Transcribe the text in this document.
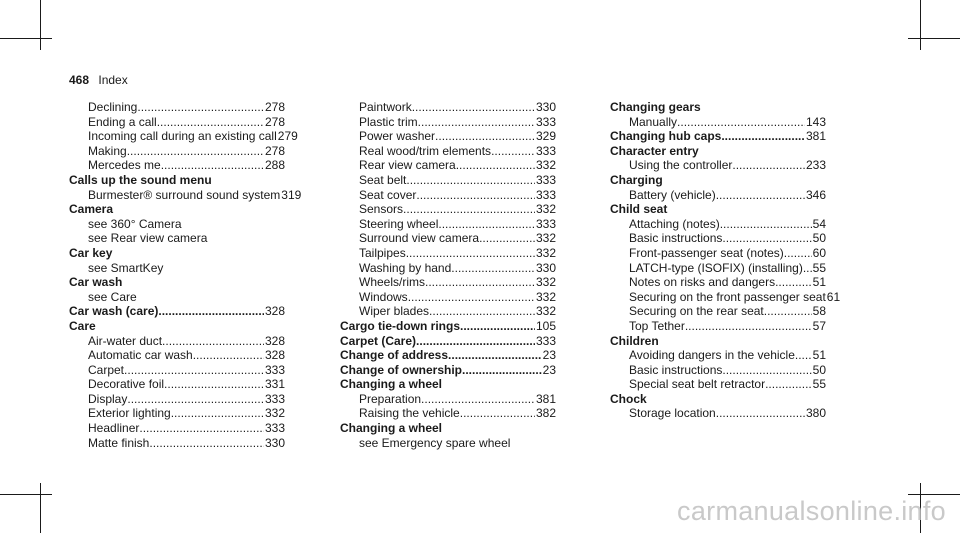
468 Index
Declining .....	278
Ending a call .....	278
Incoming call during an existing call 279
Making .....	278
Mercedes me .....	288
Calls up the sound menu
Burmester® surround sound system 319
Camera
see 360° Camera
see Rear view camera
Car key
see SmartKey
Car wash
see Care
Car wash (care) .....	328
Care
Air-water duct .....	328
Automatic car wash .....	328
Carpet .....	333
Decorative foil .....	331
Display .....	333
Exterior lighting .....	332
Headliner .....	333
Matte finish .....	330
Paintwork .....	330
Plastic trim .....	333
Power washer .....	329
Real wood/trim elements .....	333
Rear view camera .....	332
Seat belt .....	333
Seat cover .....	333
Sensors .....	332
Steering wheel .....	333
Surround view camera .....	332
Tailpipes .....	332
Washing by hand .....	330
Wheels/rims .....	332
Windows .....	332
Wiper blades .....	332
Cargo tie-down rings .....	105
Carpet (Care) .....	333
Change of address .....	23
Change of ownership .....	23
Changing a wheel
Preparation .....	381
Raising the vehicle .....	382
Changing a wheel
see Emergency spare wheel
Changing gears
Manually .....	143
Changing hub caps .....	381
Character entry
Using the controller .....	233
Charging
Battery (vehicle) .....	346
Child seat
Attaching (notes) .....	54
Basic instructions .....	50
Front-passenger seat (notes) ..... 60
LATCH-type (ISOFIX) (installing) ..... 55
Notes on risks and dangers .....	51
Securing on the front passenger seat 61
Securing on the rear seat .....	58
Top Tether .....	57
Children
Avoiding dangers in the vehicle ..... 51
Basic instructions .....	50
Special seat belt retractor .....	55
Chock
Storage location .....	380
carmanualsonline.info
